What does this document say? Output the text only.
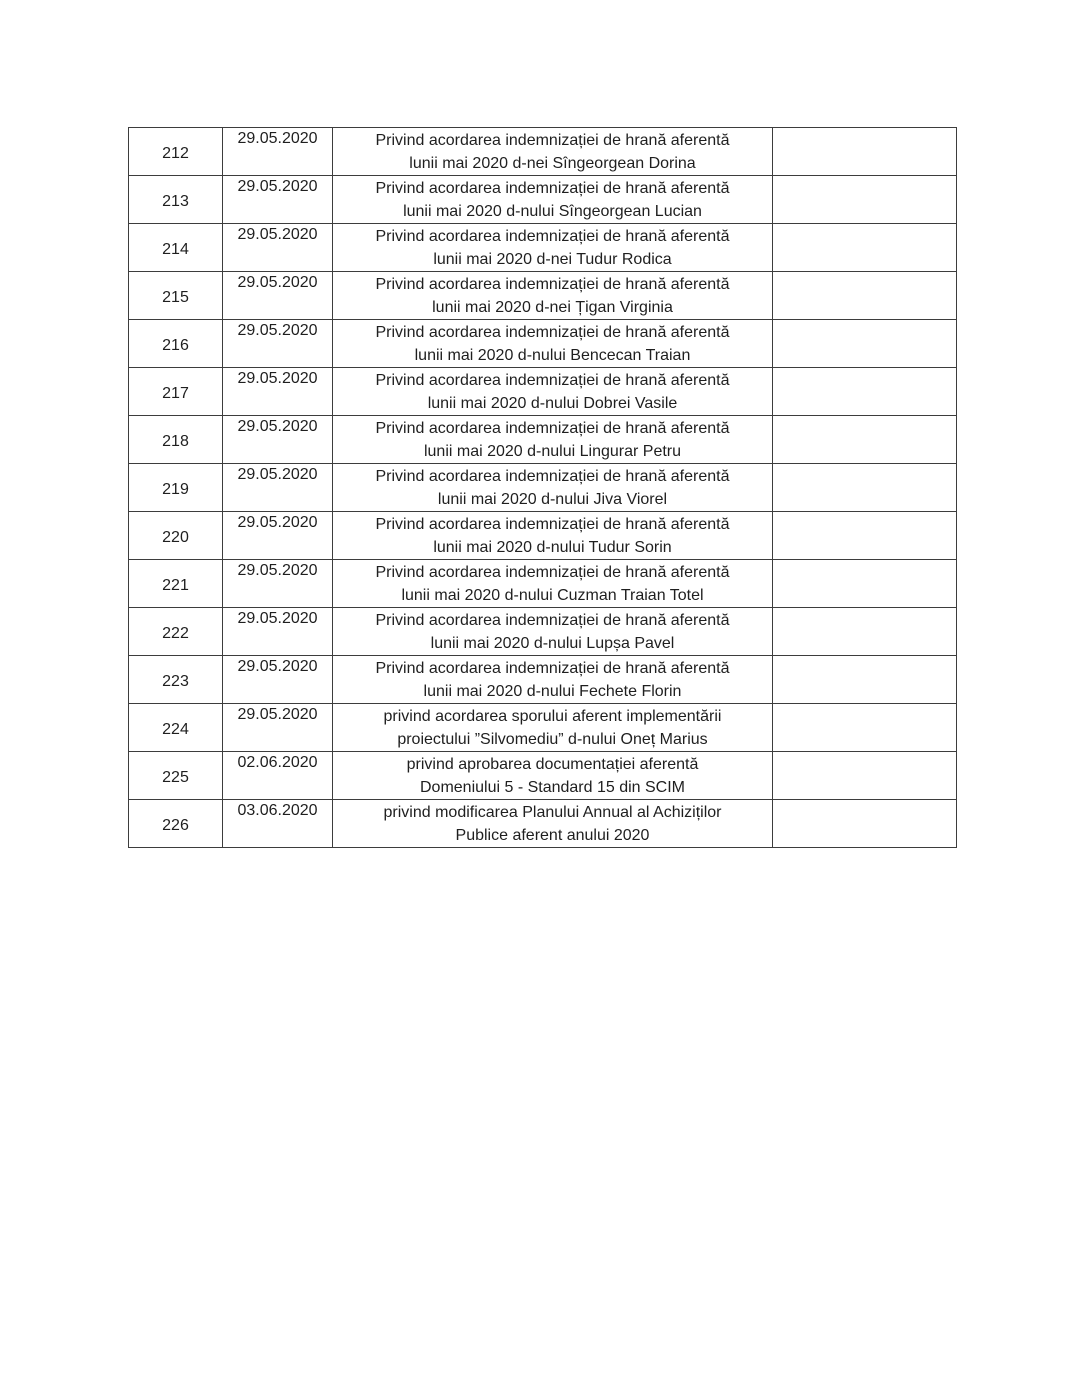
212	29.05.2020	Privind acordarea indemnizației de hrană aferentă
lunii mai 2020 d-nei Sîngeorgean Dorina	

213	29.05.2020	Privind acordarea indemnizației de hrană aferentă
lunii mai 2020 d-nului Sîngeorgean Lucian	

214	29.05.2020	Privind acordarea indemnizației de hrană aferentă
lunii mai 2020 d-nei Tudur Rodica	

215	29.05.2020	Privind acordarea indemnizației de hrană aferentă
lunii mai 2020 d-nei Țigan Virginia	

216	29.05.2020	Privind acordarea indemnizației de hrană aferentă
lunii mai 2020 d-nului Bencecan Traian	

217	29.05.2020	Privind acordarea indemnizației de hrană aferentă
lunii mai 2020 d-nului Dobrei Vasile	

218	29.05.2020	Privind acordarea indemnizației de hrană aferentă
lunii mai 2020 d-nului Lingurar Petru	

219	29.05.2020	Privind acordarea indemnizației de hrană aferentă
lunii mai 2020 d-nului Jiva Viorel	

220	29.05.2020	Privind acordarea indemnizației de hrană aferentă
lunii mai 2020 d-nului Tudur Sorin	

221	29.05.2020	Privind acordarea indemnizației de hrană aferentă
lunii mai 2020 d-nului Cuzman Traian Totel	

222	29.05.2020	Privind acordarea indemnizației de hrană aferentă
lunii mai 2020 d-nului Lupșa Pavel	

223	29.05.2020	Privind acordarea indemnizației de hrană aferentă
lunii mai 2020 d-nului Fechete Florin	

224	29.05.2020	privind acordarea sporului aferent implementării
proiectului ”Silvomediu” d-nului Oneț Marius	

225	02.06.2020	privind aprobarea documentației aferentă
Domeniului 5 - Standard 15 din SCIM	

226	03.06.2020	privind modificarea Planului Annual al Achiziților
Publice aferent anului 2020	
